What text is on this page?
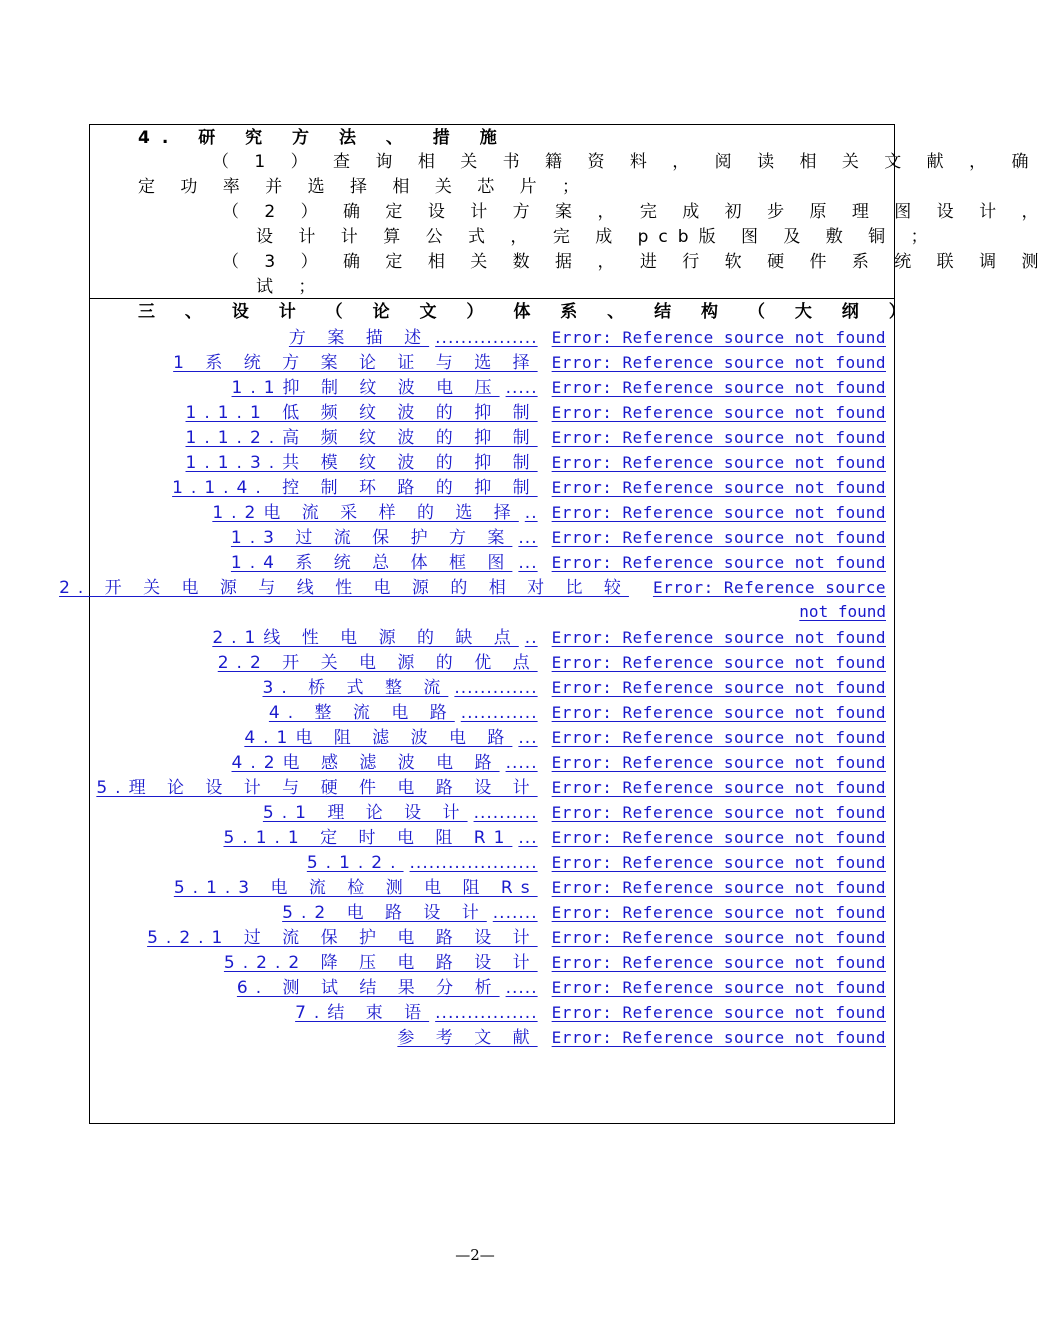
4. 研 究 方 法 、 措 施
（ 1 ） 查 询 相 关 书 籍 资 料 ， 阅 读 相 关 文 献 ， 确
定 功 率 并 选 择 相 关 芯 片 ；
（ 2 ） 确 定 设 计 方 案 ， 完 成 初 步 原 理 图 设 计 ，
设 计 计 算 公 式 ， 完 成 pcb版 图 及 敷 铜 ；
（ 3 ） 确 定 相 关 数 据 ， 进 行 软 硬 件 系 统 联 调 测
试 ；
三 、 设 计 （ 论 文 ） 体 系 、 结 构 （ 大 纲 ）
方 案 描 述 ................ Error: Reference source not found
1 系 统 方 案 论 证 与 选 择 Error: Reference source not found
1.1抑 制 纹 波 电 压 ..... Error: Reference source not found
1.1.1 低 频 纹 波 的 抑 制 Error: Reference source not found
1.1.2.高 频 纹 波 的 抑 制 Error: Reference source not found
1.1.3.共 模 纹 波 的 抑 制 Error: Reference source not found
1.1.4. 控 制 环 路 的 抑 制 Error: Reference source not found
1.2电 流 采 样 的 选 择 .. Error: Reference source not found
1.3 过 流 保 护 方 案 ... Error: Reference source not found
1.4 系 统 总 体 框 图 ... Error: Reference source not found
2. 开 关 电 源 与 线 性 电 源 的 相 对 比 较 Error: Reference source
not found
2.1线 性 电 源 的 缺 点 .. Error: Reference source not found
2.2 开 关 电 源 的 优 点 Error: Reference source not found
3. 桥 式 整 流 ............. Error: Reference source not found
4. 整 流 电 路 ............ Error: Reference source not found
4.1电 阻 滤 波 电 路 ... Error: Reference source not found
4.2电 感 滤 波 电 路 ..... Error: Reference source not found
5.理 论 设 计 与 硬 件 电 路 设 计 Error: Reference source not found
5.1 理 论 设 计 .......... Error: Reference source not found
5.1.1 定 时 电 阻 R1 ... Error: Reference source not found
5.1.2. .................... Error: Reference source not found
5.1.3 电 流 检 测 电 阻 Rs Error: Reference source not found
5.2 电 路 设 计 ....... Error: Reference source not found
5.2.1 过 流 保 护 电 路 设 计 Error: Reference source not found
5.2.2 降 压 电 路 设 计 Error: Reference source not found
6. 测 试 结 果 分 析 ..... Error: Reference source not found
7.结 束 语 ................ Error: Reference source not found
参 考 文 献 Error: Reference source not found
—2—
